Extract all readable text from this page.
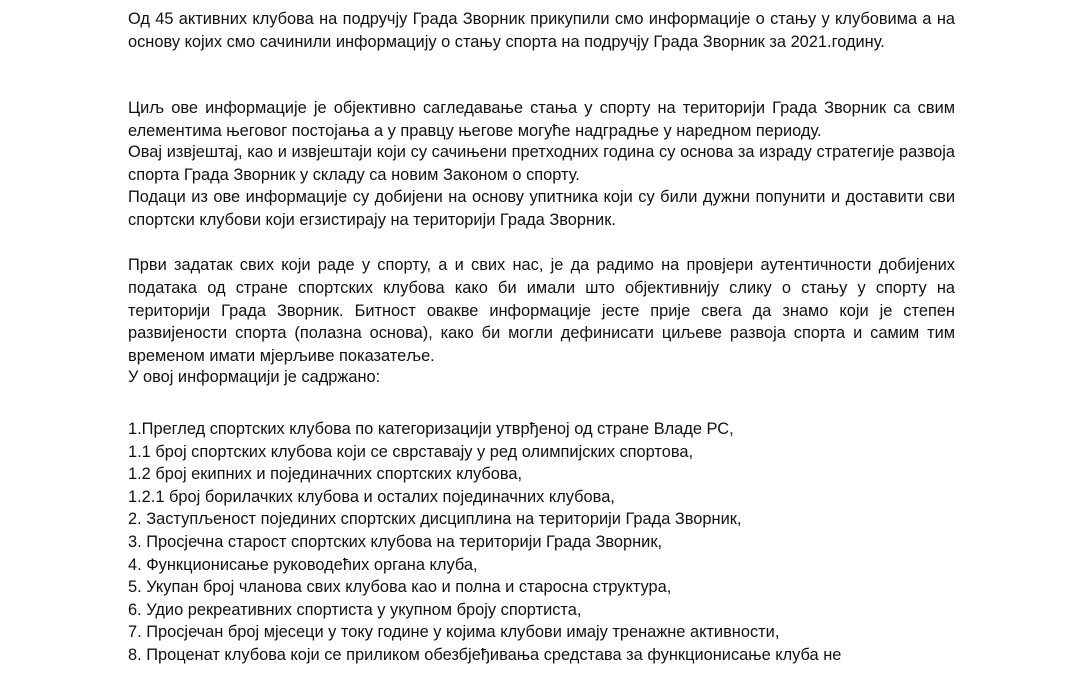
Од 45 активних клубова на подручју Града Зворник прикупили смо информације о стању у клубовима а на основу којих смо сачинили информацију о стању спорта на подручју Града Зворник за 2021.годину.

Циљ ове информације је објективно сагледавање стања у спорту на територији Града Зворник са свим елементима његовог постојања а у правцу његове могуће надградње у наредном периоду.

Овај извјештај, као и извјештаји који су сачињени претходних година су основа за израду стратегије развоја спорта Града Зворник у складу са новим Законом о спорту.

Подаци из ове информације су добијени на основу упитника који су били дужни попунити и доставити сви спортски клубови који егзистирају на територији Града Зворник.

Први задатак свих који раде у спорту, а и свих нас, је да радимо на провјери аутентичности добијених података од стране спортских клубова како би имали што објективнију слику о стању у спорту на територији Града Зворник. Битност овакве информације јесте прије свега да знамо који је степен развијености спорта (полазна основа), како би могли дефинисати циљеве развоја спорта и самим тим временом имати мјерљиве показатеље.

У овој информацији је садржано:

1.Преглед спортских клубова по категоризацији утврђеној од стране Владе РС,
1.1 број спортских клубова који се сврставају у ред олимпијских спортова,
1.2 број екипних и појединачних спортских клубова,
1.2.1 број борилачких клубова и осталих појединачних клубова,
2. Заступљеност појединих спортских дисциплина на територији Града Зворник,
3. Просјечна старост спортских клубова на територији Града Зворник,
4. Функционисање руководећих органа клуба,
5. Укупан број чланова свих клубова као и полна и старосна структура,
6. Удио рекреативних спортиста у укупном броју спортиста,
7. Просјечан број мјесеци у току године у којима клубови имају тренажне активности,
8. Проценат клубова који се приликом обезбјеђивања средстава за функционисање клуба не
